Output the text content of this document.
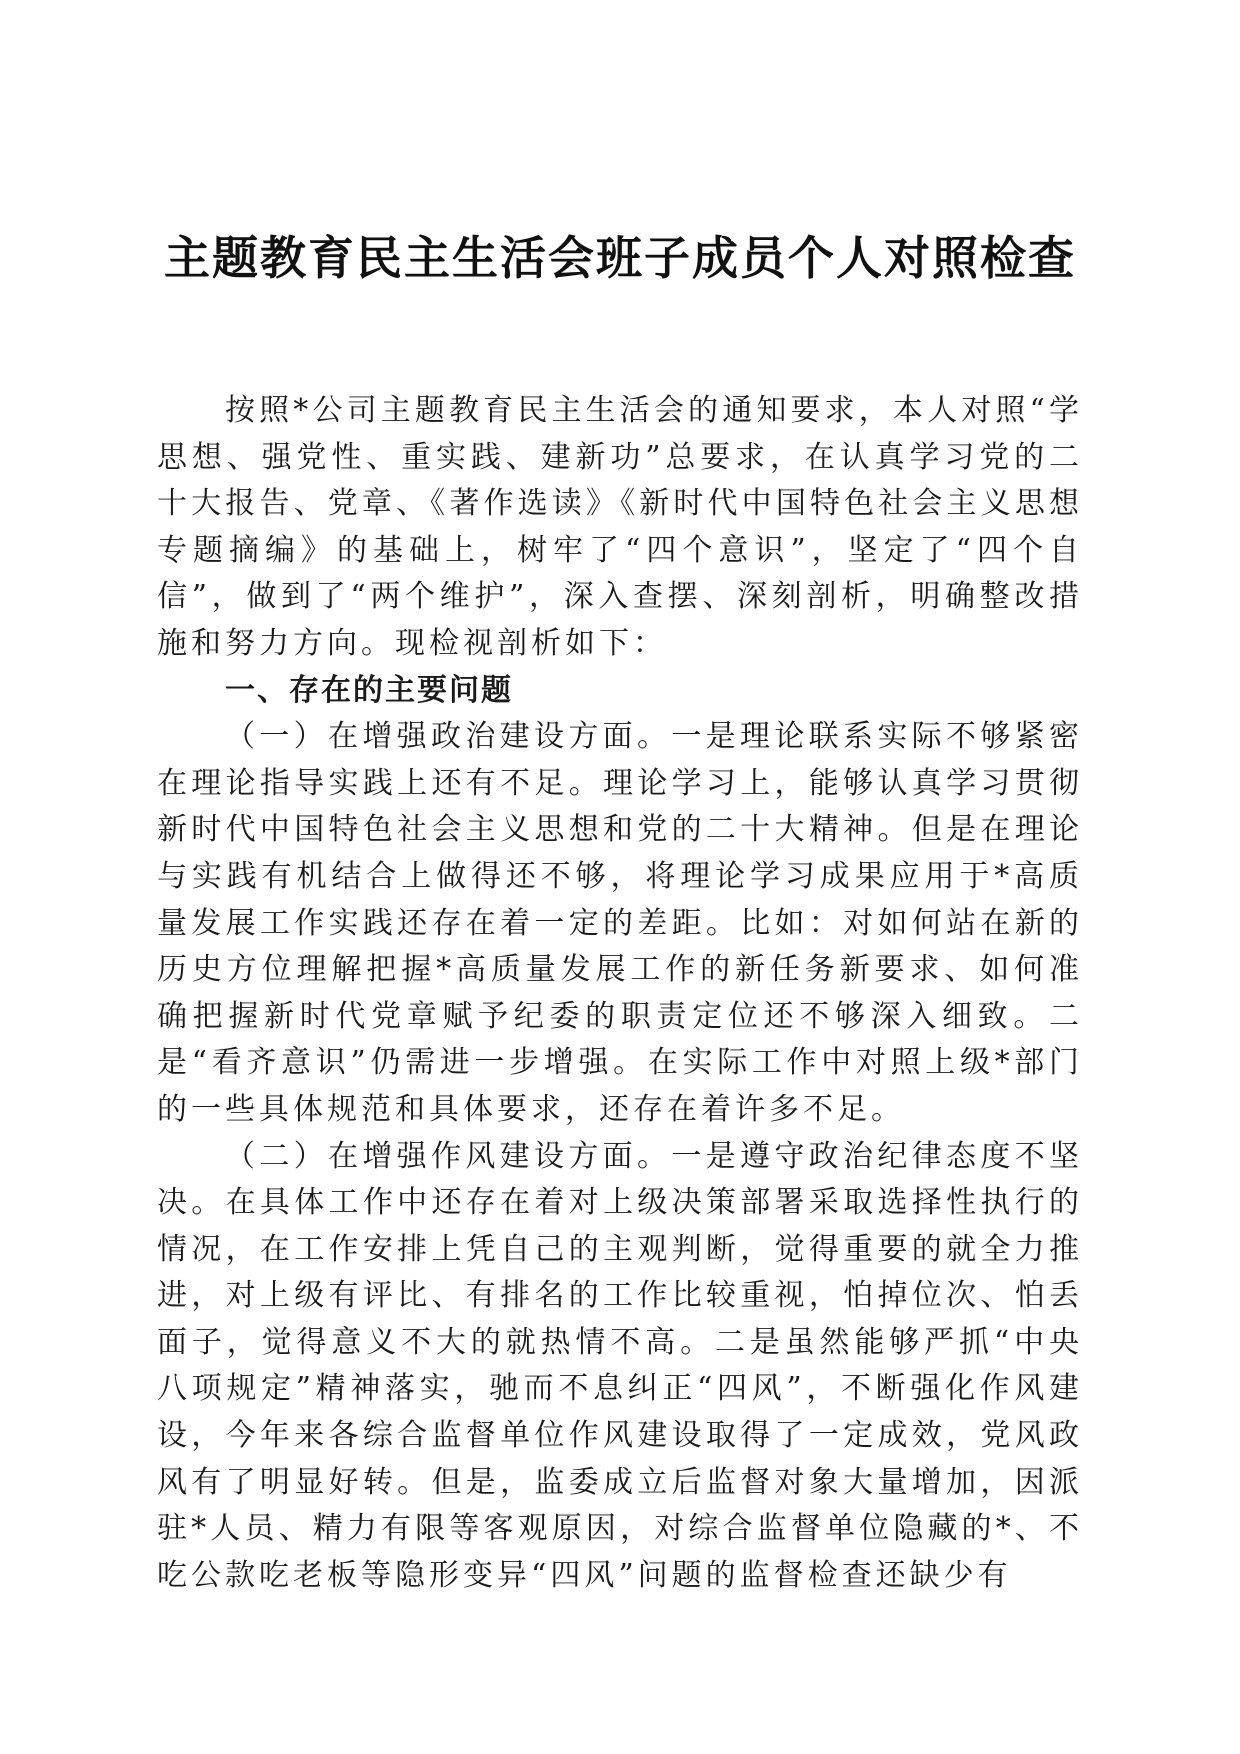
主题教育民主生活会班子成员个人对照检查

按照*公司主题教育民主生活会的通知要求，本人对照“学思想、强党性、重实践、建新功”总要求，在认真学习党的二十大报告、党章、《著作选读》《新时代中国特色社会主义思想专题摘编》的基础上，树牢了“四个意识”，坚定了“四个自信”，做到了“两个维护”，深入查摆、深刻剖析，明确整改措施和努力方向。现检视剖析如下：

一、存在的主要问题

（一）在增强政治建设方面。一是理论联系实际不够紧密在理论指导实践上还有不足。理论学习上，能够认真学习贯彻新时代中国特色社会主义思想和党的二十大精神。但是在理论与实践有机结合上做得还不够，将理论学习成果应用于*高质量发展工作实践还存在着一定的差距。比如：对如何站在新的历史方位理解把握*高质量发展工作的新任务新要求、如何准确把握新时代党章赋予纪委的职责定位还不够深入细致。二是“看齐意识”仍需进一步增强。在实际工作中对照上级*部门的一些具体规范和具体要求，还存在着许多不足。

（二）在增强作风建设方面。一是遵守政治纪律态度不坚决。在具体工作中还存在着对上级决策部署采取选择性执行的情况，在工作安排上凭自己的主观判断，觉得重要的就全力推进，对上级有评比、有排名的工作比较重视，怕掉位次、怕丢面子，觉得意义不大的就热情不高。二是虽然能够严抓“中央八项规定”精神落实，驰而不息纠正“四风”，不断强化作风建设，今年来各综合监督单位作风建设取得了一定成效，党风政风有了明显好转。但是，监委成立后监督对象大量增加，因派驻*人员、精力有限等客观原因，对综合监督单位隐藏的*、不吃公款吃老板等隐形变异“四风”问题的监督检查还缺少有
